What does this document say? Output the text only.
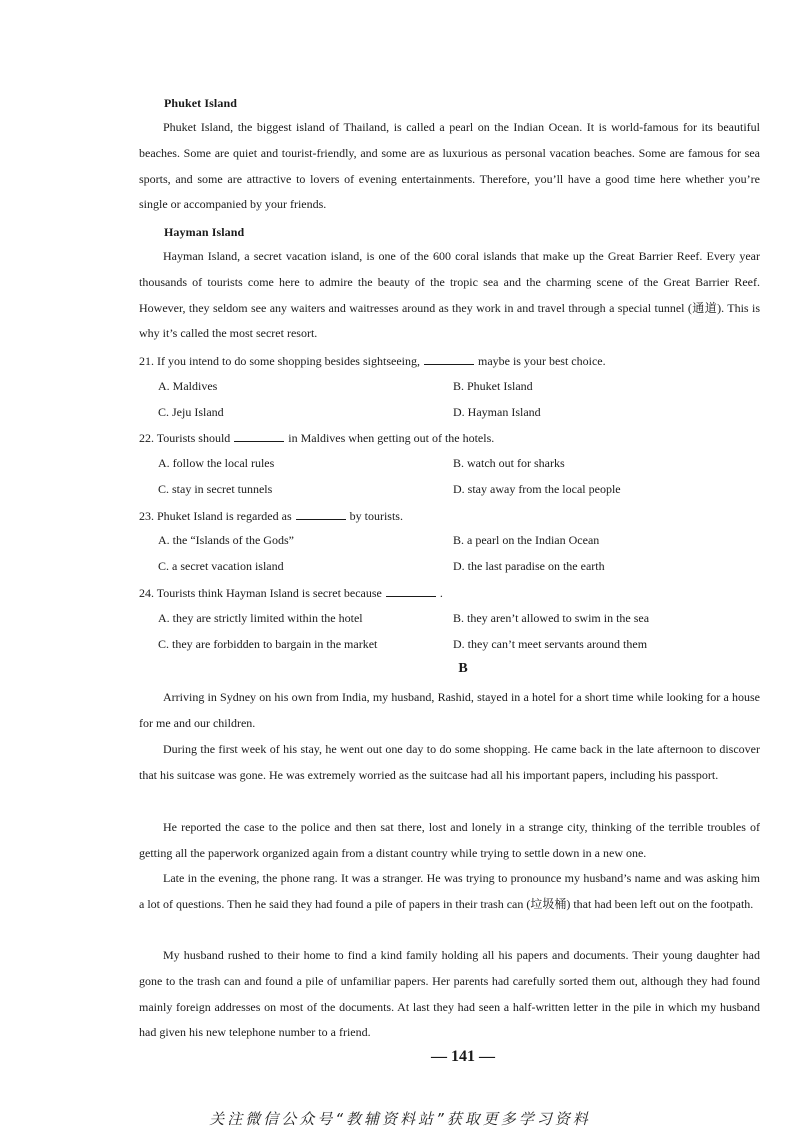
Phuket Island

Phuket Island, the biggest island of Thailand, is called a pearl on the Indian Ocean. It is world-famous for its beautiful beaches. Some are quiet and tourist-friendly, and some are as luxurious as personal vacation beaches. Some are famous for sea sports, and some are attractive to lovers of evening entertainments. Therefore, you’ll have a good time here whether you’re single or accompanied by your friends.

Hayman Island

Hayman Island, a secret vacation island, is one of the 600 coral islands that make up the Great Barrier Reef. Every year thousands of tourists come here to admire the beauty of the tropic sea and the charming scene of the Great Barrier Reef. However, they seldom see any waiters and waitresses around as they work in and travel through a special tunnel (通道). This is why it’s called the most secret resort.

21. If you intend to do some shopping besides sightseeing,	maybe is your best choice.
A. Maldives	B. Phuket Island
C. Jeju Island	D. Hayman Island
22. Tourists should	in Maldives when getting out of the hotels.
A. follow the local rules	B. watch out for sharks
C. stay in secret tunnels	D. stay away from the local people
23. Phuket Island is regarded as	by tourists.
A. the “Islands of the Gods”	B. a pearl on the Indian Ocean
C. a secret vacation island	D. the last paradise on the earth
24. Tourists think Hayman Island is secret because	.
A. they are strictly limited within the hotel	B. they aren’t allowed to swim in the sea
C. they are forbidden to bargain in the market	D. they can’t meet servants around them
B

Arriving in Sydney on his own from India, my husband, Rashid, stayed in a hotel for a short time while looking for a house for me and our children.

During the first week of his stay, he went out one day to do some shopping. He came back in the late afternoon to discover that his suitcase was gone. He was extremely worried as the suitcase had all his important papers, including his passport.

He reported the case to the police and then sat there, lost and lonely in a strange city, thinking of the terrible troubles of getting all the paperwork organized again from a distant country while trying to settle down in a new one.

Late in the evening, the phone rang. It was a stranger. He was trying to pronounce my husband’s name and was asking him a lot of questions. Then he said they had found a pile of papers in their trash can (垃圾桶) that had been left out on the footpath.

My husband rushed to their home to find a kind family holding all his papers and documents. Their young daughter had gone to the trash can and found a pile of unfamiliar papers. Her parents had carefully sorted them out, although they had found mainly foreign addresses on most of the documents. At last they had seen a half-written letter in the pile in which my husband had given his new telephone number to a friend.

— 141 —
关注微信公众号“教辅资料站”获取更多学习资料
